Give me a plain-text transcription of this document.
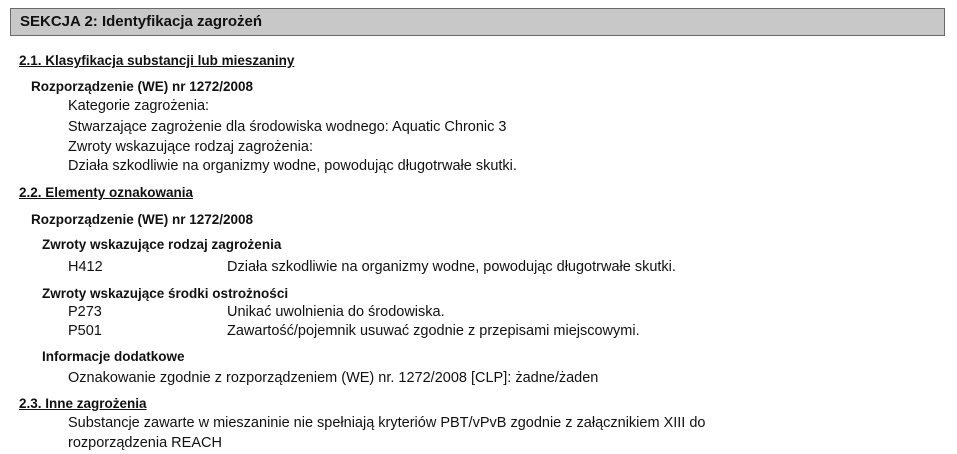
SEKCJA 2: Identyfikacja zagrożeń
2.1. Klasyfikacja substancji lub mieszaniny
Rozporządzenie (WE) nr 1272/2008
Kategorie zagrożenia:
Stwarzające zagrożenie dla środowiska wodnego: Aquatic Chronic 3
Zwroty wskazujące rodzaj zagrożenia:
Działa szkodliwie na organizmy wodne, powodując długotrwałe skutki.
2.2. Elementy oznakowania
Rozporządzenie (WE) nr 1272/2008
Zwroty wskazujące rodzaj zagrożenia
H412	Działa szkodliwie na organizmy wodne, powodując długotrwałe skutki.
Zwroty wskazujące środki ostrożności
P273	Unikać uwolnienia do środowiska.
P501	Zawartość/pojemnik usuwać zgodnie z przepisami miejscowymi.
Informacje dodatkowe
Oznakowanie zgodnie z rozporządzeniem (WE) nr. 1272/2008 [CLP]: żadne/żaden
2.3. Inne zagrożenia
Substancje zawarte w mieszaninie nie spełniają kryteriów PBT/vPvB zgodnie z załącznikiem XIII do
rozporządzenia REACH
